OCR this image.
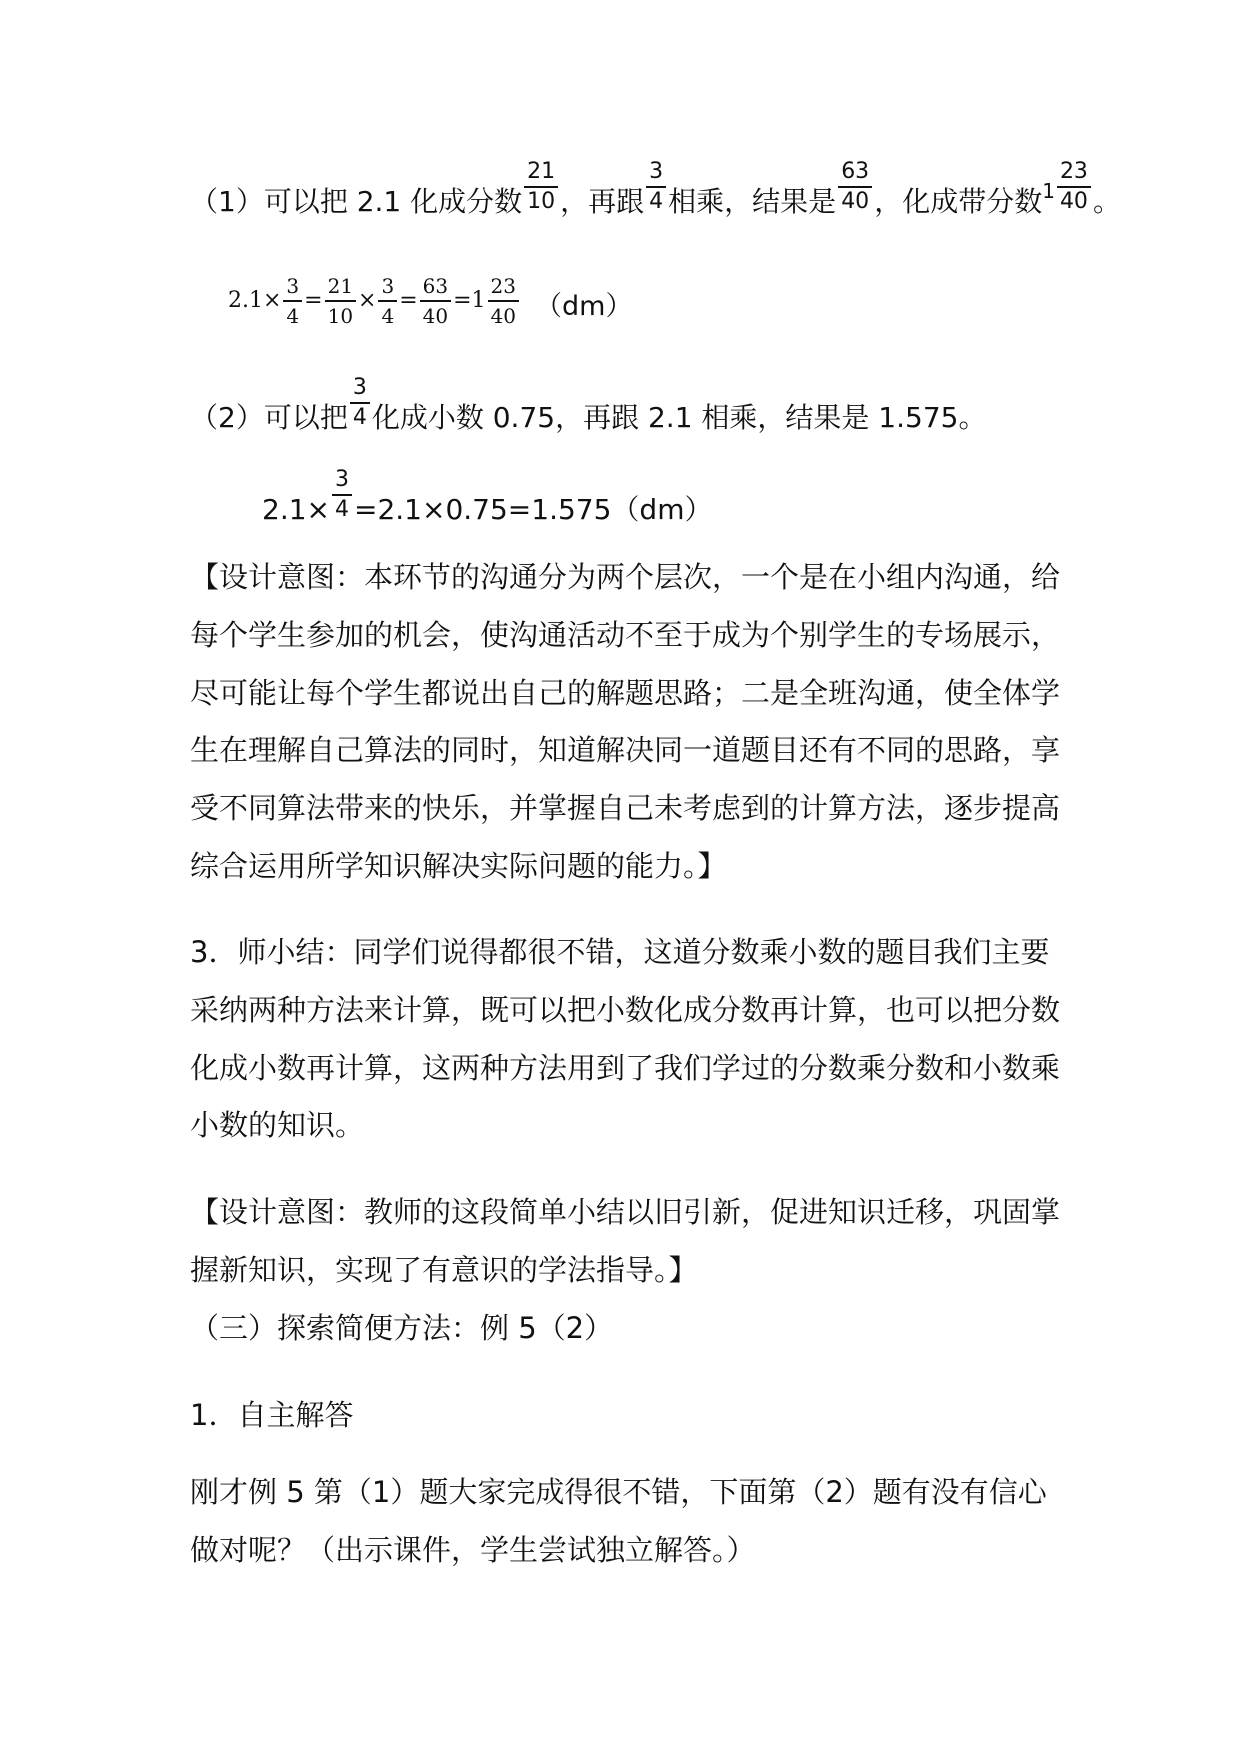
（1）可以把 2.1 化成分数 $\frac{21}{10}$ ，再跟 $\frac{3}{4}$ 相乘，结果是 $\frac{63}{40}$ ，化成带分数$^1 \frac{23}{40}$ 。
$2.1\times \frac{3}{4} = \frac{21}{10} \times \frac{3}{4} = \frac{63}{40} =1 \frac{23}{40} (dm)$
（2）可以把 $\frac{3}{4}$ 化成小数 0.75，再跟 2.1 相乘，结果是 1.575。
$2.1\times \frac{3}{4} =2.1\times 0.75=1.575(dm)$
【设计意图：本环节的沟通分为两个层次，一个是在小组内沟通，给每个学生参加的机会，使沟通活动不至于成为个别学生的专场展示，尽可能让每个学生都说出自己的解题思路；二是全班沟通，使全体学生在理解自己算法的同时，知道解决同一道题目还有不同的思路，享受不同算法带来的快乐，并掌握自己未考虑到的计算方法，逐步提高综合运用所学知识解决实际问题的能力。】
3．师小结：同学们说得都很不错，这道分数乘小数的题目我们主要采纳两种方法来计算，既可以把小数化成分数再计算，也可以把分数化成小数再计算，这两种方法用到了我们学过的分数乘分数和小数乘小数的知识。
【设计意图：教师的这段简单小结以旧引新，促进知识迁移，巩固掌握新知识，实现了有意识的学法指导。】
（三）探索简便方法：例 5（2）
1．自主解答
刚才例 5 第（1）题大家完成得很不错，下面第（2）题有没有信心做对呢？（出示课件，学生尝试独立解答。）
